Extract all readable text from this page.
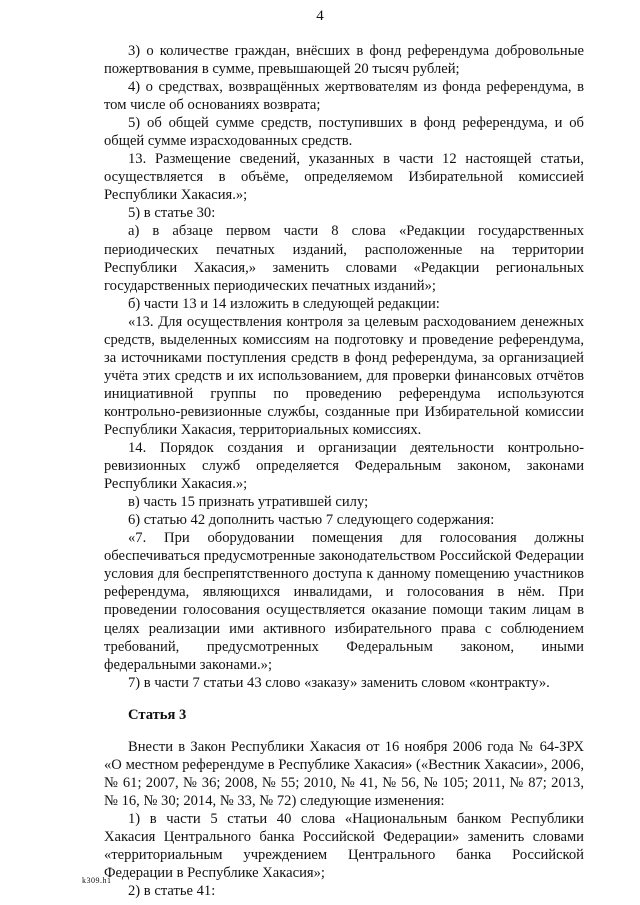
4

3) о количестве граждан, внёсших в фонд референдума добровольные пожертвования в сумме, превышающей 20 тысяч рублей;

4) о средствах, возвращённых жертвователям из фонда референдума, в том числе об основаниях возврата;

5) об общей сумме средств, поступивших в фонд референдума, и об общей сумме израсходованных средств.

13. Размещение сведений, указанных в части 12 настоящей статьи, осуществляется в объёме, определяемом Избирательной комиссией Республики Хакасия.»;

5) в статье 30:

а) в абзаце первом части 8 слова «Редакции государственных периодических печатных изданий, расположенные на территории Республики Хакасия,» заменить словами «Редакции региональных государственных периодических печатных изданий»;

б) части 13 и 14 изложить в следующей редакции:

«13. Для осуществления контроля за целевым расходованием денежных средств, выделенных комиссиям на подготовку и проведение референдума, за источниками поступления средств в фонд референдума, за организацией учёта этих средств и их использованием, для проверки финансовых отчётов инициативной группы по проведению референдума используются контрольно-ревизионные службы, созданные при Избирательной комиссии Республики Хакасия, территориальных комиссиях.

14. Порядок создания и организации деятельности контрольно-ревизионных служб определяется Федеральным законом, законами Республики Хакасия.»;

в) часть 15 признать утратившей силу;

6) статью 42 дополнить частью 7 следующего содержания:

«7. При оборудовании помещения для голосования должны обеспечиваться предусмотренные законодательством Российской Федерации условия для беспрепятственного доступа к данному помещению участников референдума, являющихся инвалидами, и голосования в нём. При проведении голосования осуществляется оказание помощи таким лицам в целях реализации ими активного избирательного права с соблюдением требований, предусмотренных Федеральным законом, иными федеральными законами.»;

7) в части 7 статьи 43 слово «заказу» заменить словом «контракту».

Статья 3

Внести в Закон Республики Хакасия от 16 ноября 2006 года № 64-ЗРХ «О местном референдуме в Республике Хакасия» («Вестник Хакасии», 2006, № 61; 2007, № 36; 2008, № 55; 2010, № 41, № 56, № 105; 2011, № 87; 2013, № 16, № 30; 2014, № 33, № 72) следующие изменения:

1) в части 5 статьи 40 слова «Национальным банком Республики Хакасия Центрального банка Российской Федерации» заменить словами «территориальным учреждением Центрального банка Российской Федерации в Республике Хакасия»;

2) в статье 41:

k309.h1
